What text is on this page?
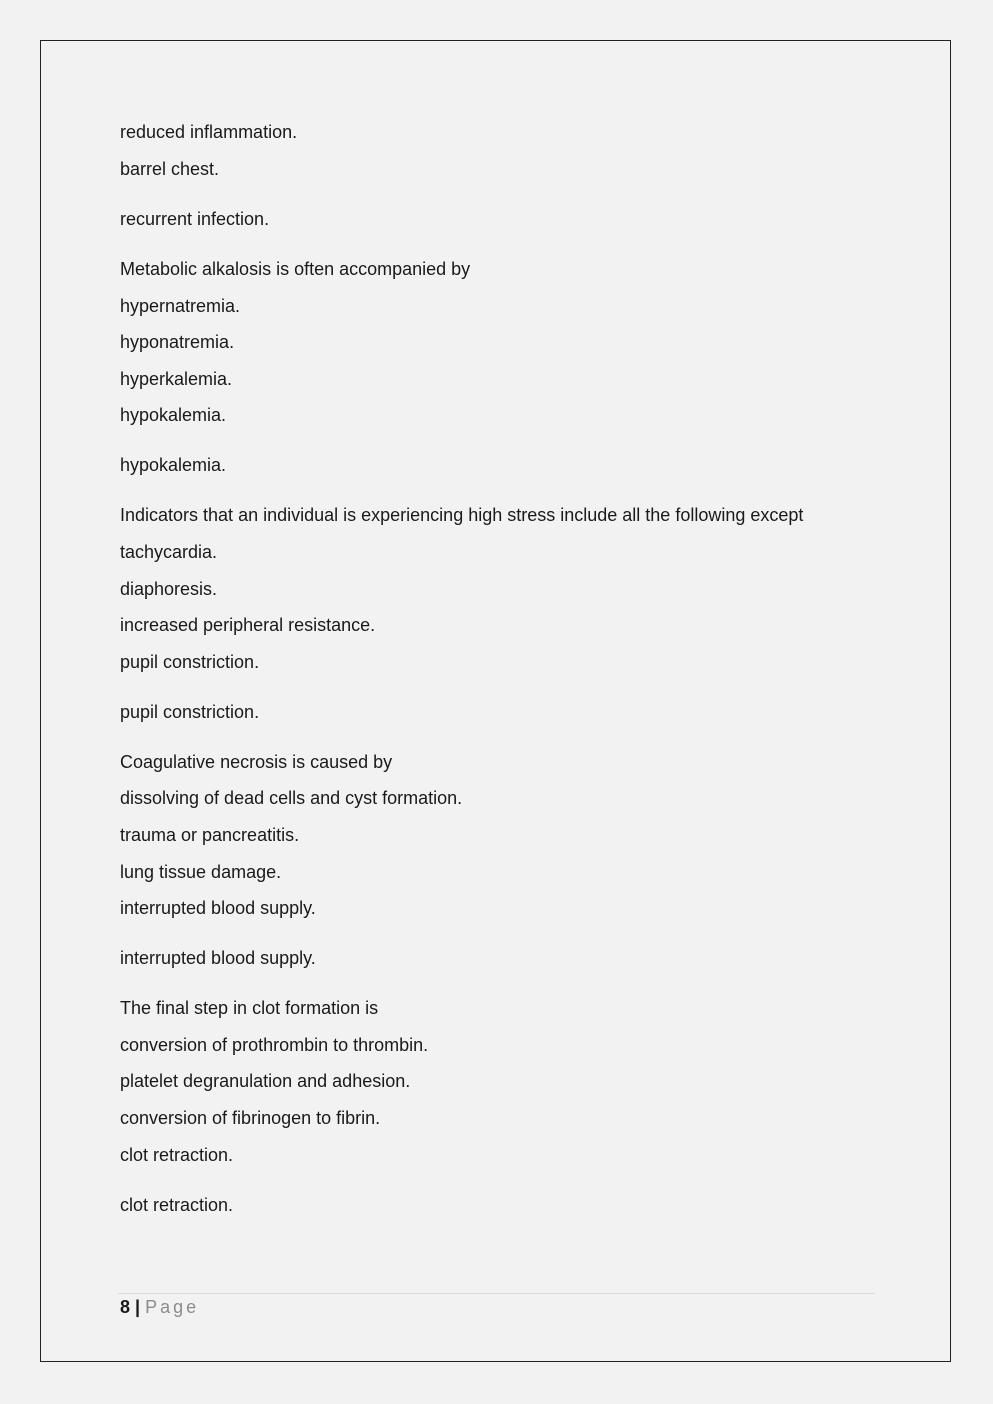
reduced inflammation.
barrel chest.
recurrent infection.
Metabolic alkalosis is often accompanied by
hypernatremia.
hyponatremia.
hyperkalemia.
hypokalemia.
hypokalemia.
Indicators that an individual is experiencing high stress include all the following except
tachycardia.
diaphoresis.
increased peripheral resistance.
pupil constriction.
pupil constriction.
Coagulative necrosis is caused by
dissolving of dead cells and cyst formation.
trauma or pancreatitis.
lung tissue damage.
interrupted blood supply.
interrupted blood supply.
The final step in clot formation is
conversion of prothrombin to thrombin.
platelet degranulation and adhesion.
conversion of fibrinogen to fibrin.
clot retraction.
clot retraction.
8 | Page
